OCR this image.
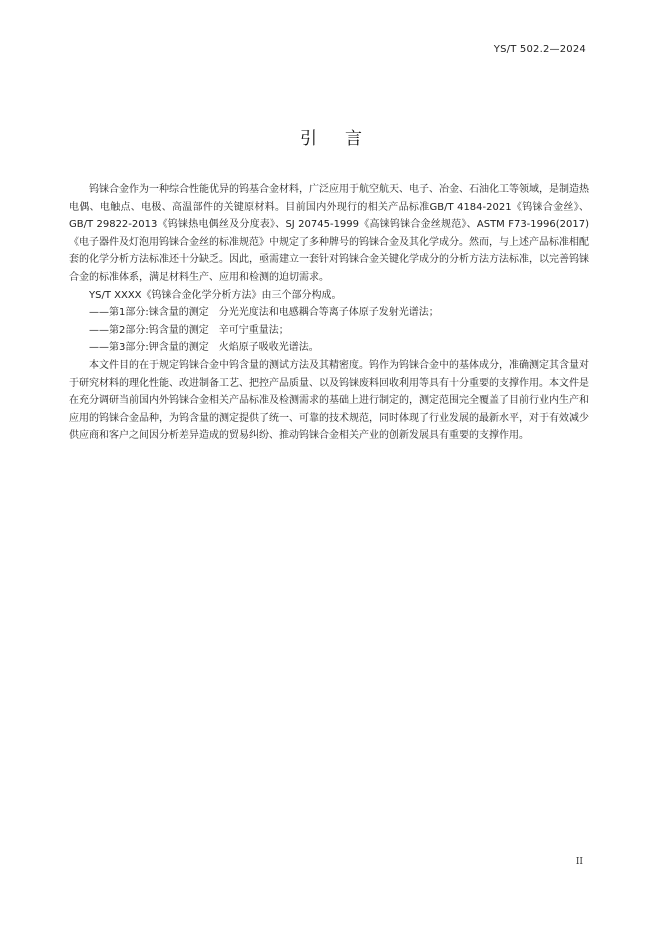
YS/T 502.2—2024
引言

钨铼合金作为一种综合性能优异的钨基合金材料，广泛应用于航空航天、电子、冶金、石油化工等领域，是制造热电偶、电触点、电极、高温部件的关键原材料。目前国内外现行的相关产品标准GB/T 4184-2021《钨铼合金丝》、GB/T 29822-2013《钨铼热电偶丝及分度表》、SJ 20745-1999《高铼钨铼合金丝规范》、ASTM F73-1996(2017)《电子器件及灯泡用钨铼合金丝的标准规范》中规定了多种牌号的钨铼合金及其化学成分。然而，与上述产品标准相配套的化学分析方法标准还十分缺乏。因此，亟需建立一套针对钨铼合金关键化学成分的分析方法方法标准，以完善钨铼合金的标准体系，满足材料生产、应用和检测的迫切需求。

YS/T XXXX《钨铼合金化学分析方法》由三个部分构成。

——第1部分:铼含量的测定　分光光度法和电感耦合等离子体原子发射光谱法；

——第2部分:钨含量的测定　辛可宁重量法；

——第3部分:钾含量的测定　火焰原子吸收光谱法。

本文件目的在于规定钨铼合金中钨含量的测试方法及其精密度。钨作为钨铼合金中的基体成分，准确测定其含量对于研究材料的理化性能、改进制备工艺、把控产品质量、以及钨铼废料回收利用等具有十分重要的支撑作用。本文件是在充分调研当前国内外钨铼合金相关产品标准及检测需求的基础上进行制定的，测定范围完全覆盖了目前行业内生产和应用的钨铼合金品种，为钨含量的测定提供了统一、可靠的技术规范，同时体现了行业发展的最新水平，对于有效减少供应商和客户之间因分析差异造成的贸易纠纷、推动钨铼合金相关产业的创新发展具有重要的支撑作用。

II
